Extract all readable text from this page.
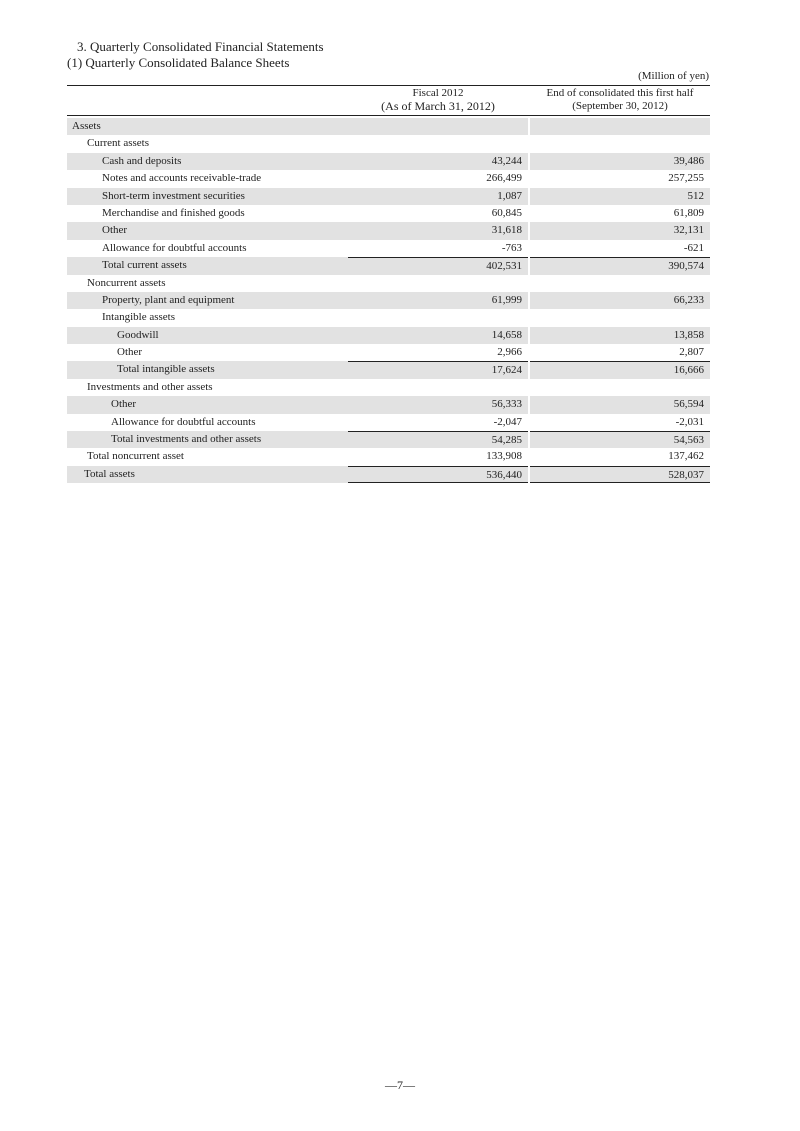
3. Quarterly Consolidated Financial Statements
(1) Quarterly Consolidated Balance Sheets
(Million of yen)
Fiscal 2012
(As of March 31, 2012)
End of consolidated this first half
(September 30, 2012)
Assets
Current assets
Cash and deposits	43,244	39,486
Notes and accounts receivable-trade	266,499	257,255
Short-term investment securities	1,087	512
Merchandise and finished goods	60,845	61,809
Other	31,618	32,131
Allowance for doubtful accounts	-763	-621
Total current assets	402,531	390,574
Noncurrent assets
Property, plant and equipment	61,999	66,233
Intangible assets
Goodwill	14,658	13,858
Other	2,966	2,807
Total intangible assets	17,624	16,666
Investments and other assets
Other	56,333	56,594
Allowance for doubtful accounts	-2,047	-2,031
Total investments and other assets	54,285	54,563
Total noncurrent asset	133,908	137,462
Total assets	536,440	528,037
—7—
